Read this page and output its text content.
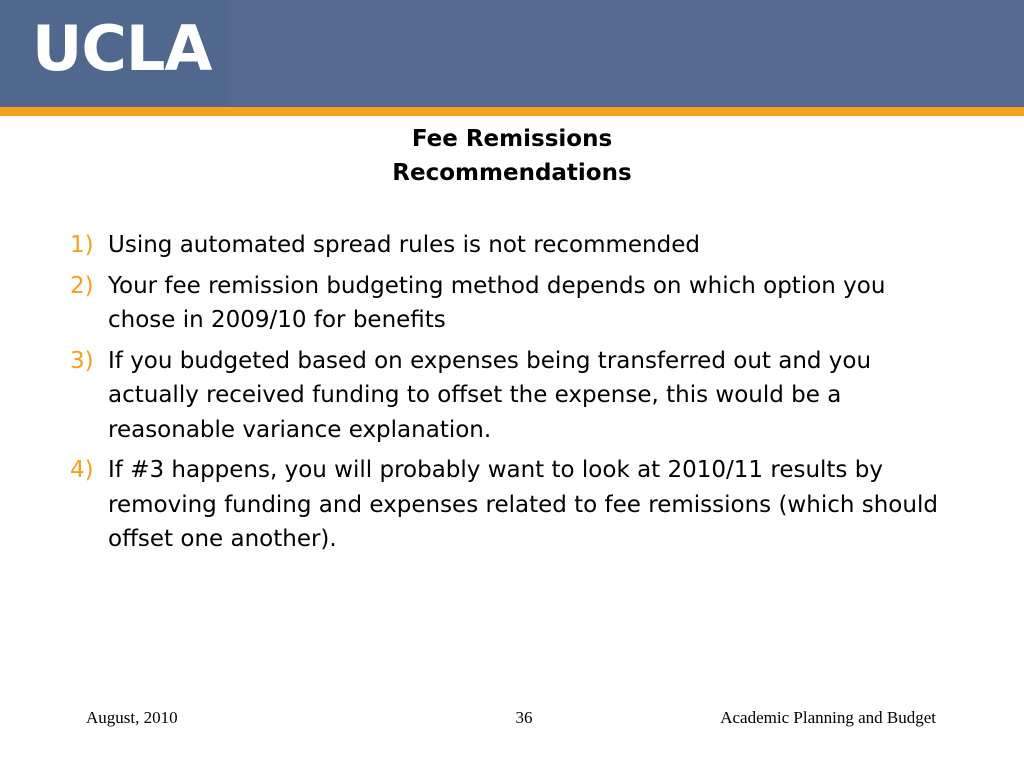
UCLA
Fee Remissions
Recommendations
1) Using automated spread rules is not recommended
2) Your fee remission budgeting method depends on which option you chose in 2009/10 for benefits
3) If you budgeted based on expenses being transferred out and you actually received funding to offset the expense, this would be a reasonable variance explanation.
4) If #3 happens, you will probably want to look at 2010/11 results by removing funding and expenses related to fee remissions (which should offset one another).
August, 2010	36	Academic Planning and Budget
